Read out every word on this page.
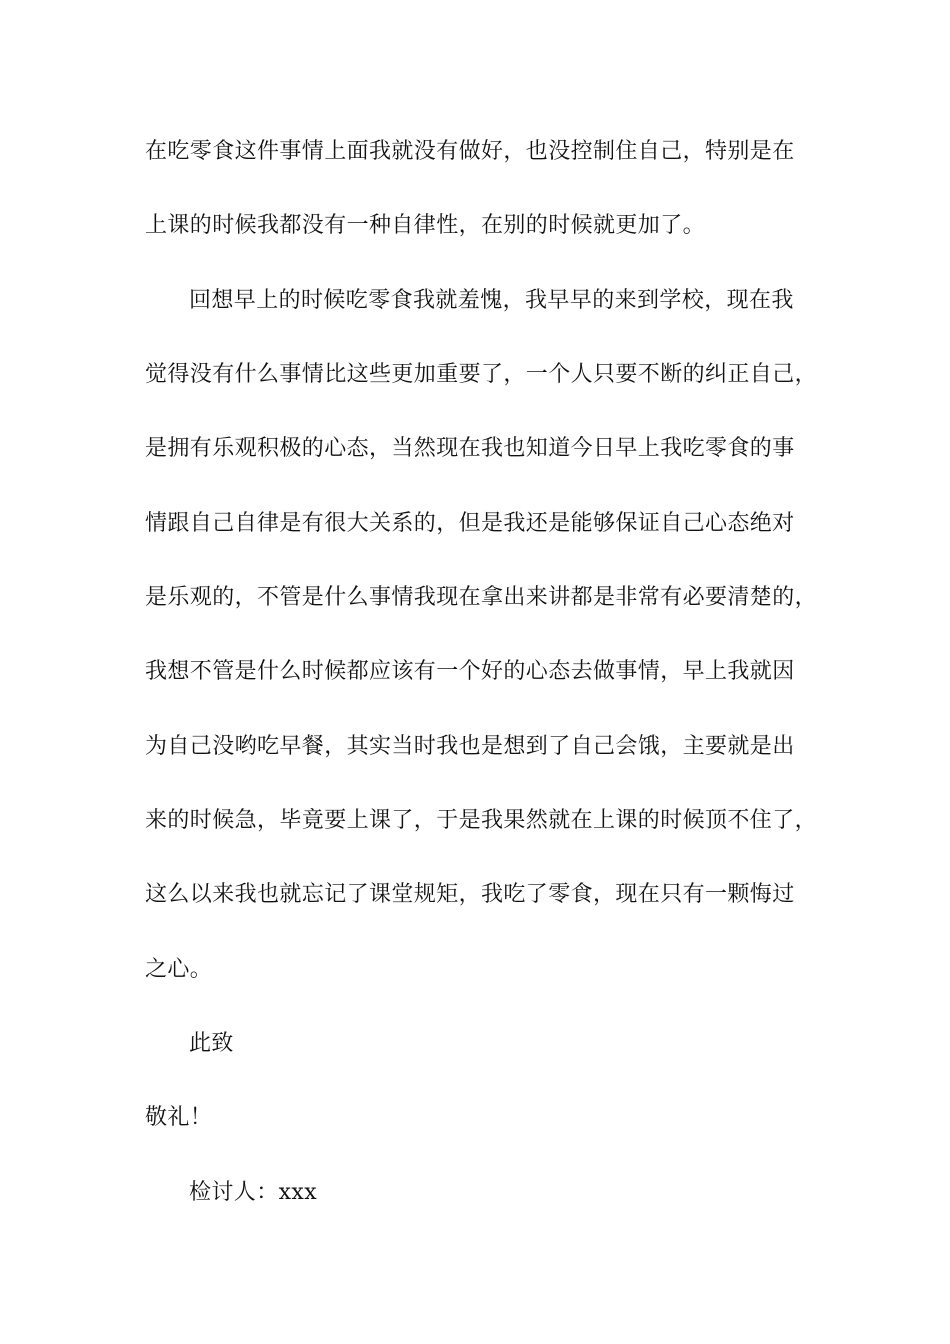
在吃零食这件事情上面我就没有做好，也没控制住自己，特别是在
上课的时候我都没有一种自律性，在别的时候就更加了。
回想早上的时候吃零食我就羞愧，我早早的来到学校，现在我
觉得没有什么事情比这些更加重要了，一个人只要不断的纠正自己，
是拥有乐观积极的心态，当然现在我也知道今日早上我吃零食的事
情跟自己自律是有很大关系的，但是我还是能够保证自己心态绝对
是乐观的，不管是什么事情我现在拿出来讲都是非常有必要清楚的，
我想不管是什么时候都应该有一个好的心态去做事情，早上我就因
为自己没哟吃早餐，其实当时我也是想到了自己会饿，主要就是出
来的时候急，毕竟要上课了，于是我果然就在上课的时候顶不住了，
这么以来我也就忘记了课堂规矩，我吃了零食，现在只有一颗悔过
之心。
此致
敬礼！
检讨人：xxx
